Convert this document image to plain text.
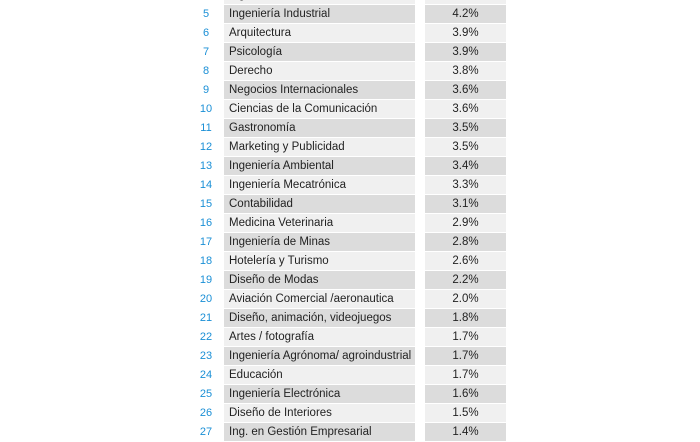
5	Ingeniería Industrial	4.2%
6	Arquitectura	3.9%
7	Psicología	3.9%
8	Derecho	3.8%
9	Negocios Internacionales	3.6%
10	Ciencias de la Comunicación	3.6%
11	Gastronomía	3.5%
12	Marketing y Publicidad	3.5%
13	Ingeniería Ambiental	3.4%
14	Ingeniería Mecatrónica	3.3%
15	Contabilidad	3.1%
16	Medicina Veterinaria	2.9%
17	Ingeniería de Minas	2.8%
18	Hotelería y Turismo	2.6%
19	Diseño de Modas	2.2%
20	Aviación Comercial /aeronautica	2.0%
21	Diseño, animación, videojuegos	1.8%
22	Artes / fotografía	1.7%
23	Ingeniería Agrónoma/ agroindustrial	1.7%
24	Educación	1.7%
25	Ingeniería Electrónica	1.6%
26	Diseño de Interiores	1.5%
27	Ing. en Gestión Empresarial	1.4%
